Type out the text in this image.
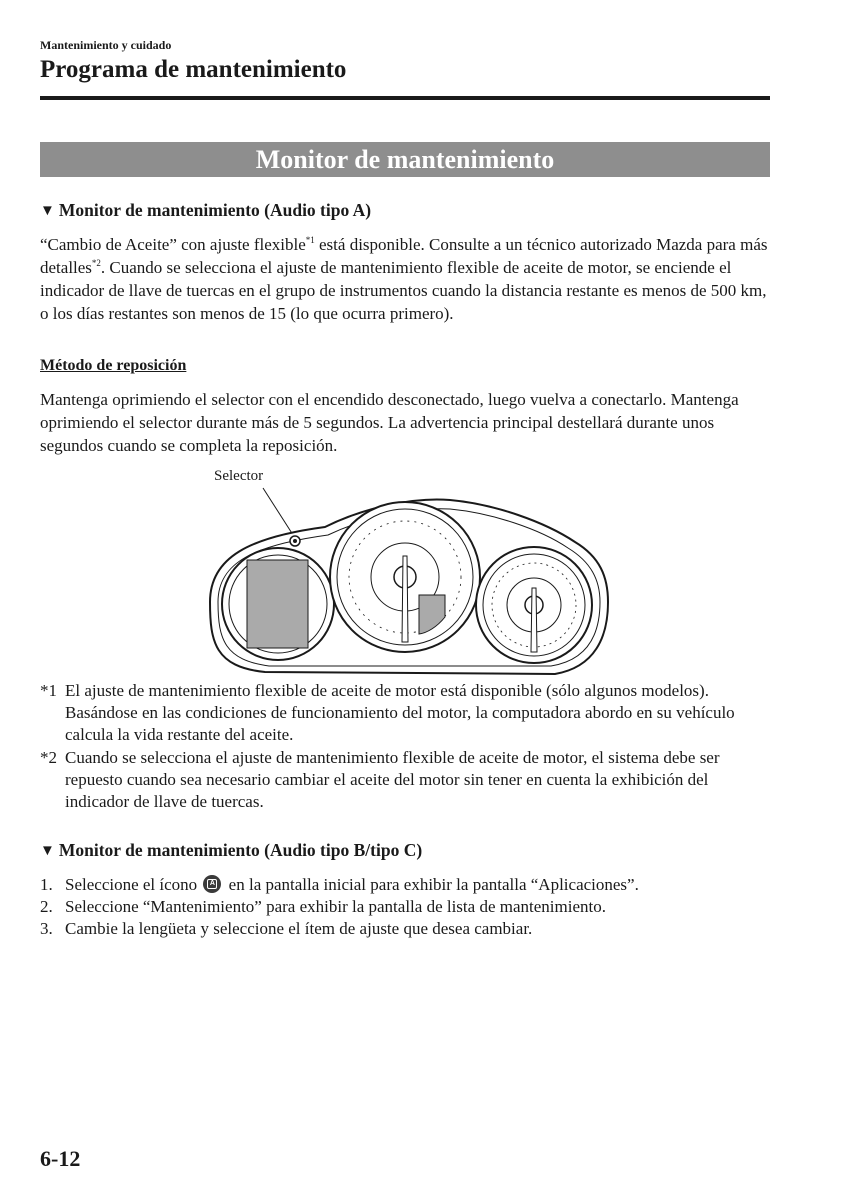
Mantenimiento y cuidado
Programa de mantenimiento
Monitor de mantenimiento
▼ Monitor de mantenimiento (Audio tipo A)
“Cambio de Aceite” con ajuste flexible$^{*1}$ está disponible. Consulte a un técnico autorizado Mazda para más detalles$^{*2}$. Cuando se selecciona el ajuste de mantenimiento flexible de aceite de motor, se enciende el indicador de llave de tuercas en el grupo de instrumentos cuando la distancia restante es menos de 500 km, o los días restantes son menos de 15 (lo que ocurra primero).
Método de reposición
Mantenga oprimiendo el selector con el encendido desconectado, luego vuelva a conectarlo. Mantenga oprimiendo el selector durante más de 5 segundos. La advertencia principal destellará durante unos segundos cuando se completa la reposición.
Selector
*1 El ajuste de mantenimiento flexible de aceite de motor está disponible (sólo algunos modelos). Basándose en las condiciones de funcionamiento del motor, la computadora abordo en su vehículo calcula la vida restante del aceite.
*2 Cuando se selecciona el ajuste de mantenimiento flexible de aceite de motor, el sistema debe ser repuesto cuando sea necesario cambiar el aceite del motor sin tener en cuenta la exhibición del indicador de llave de tuercas.
▼ Monitor de mantenimiento (Audio tipo B/tipo C)
1. Seleccione el ícono	A en la pantalla inicial para exhibir la pantalla “Aplicaciones”.
2. Seleccione “Mantenimiento” para exhibir la pantalla de lista de mantenimiento.
3. Cambie la lengüeta y seleccione el ítem de ajuste que desea cambiar.
6-12
